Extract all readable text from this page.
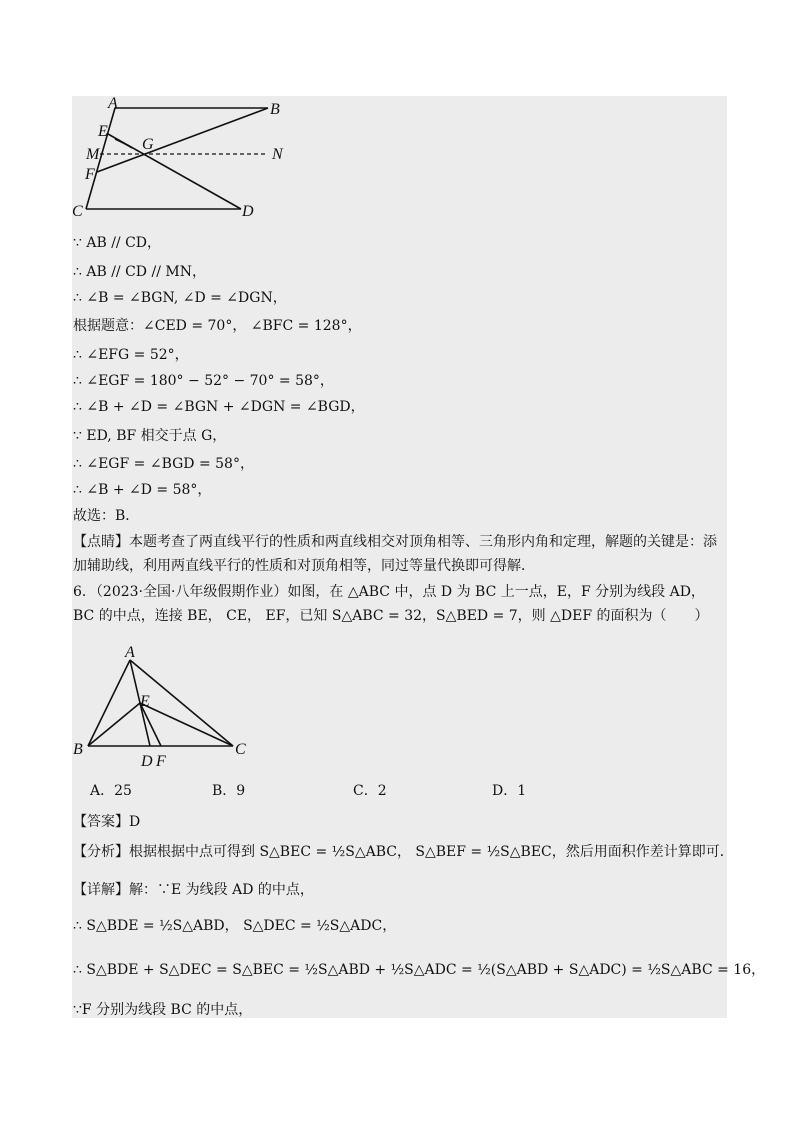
A	B
E
G
M	N
F
C	D
∵ AB // CD，
∴ AB // CD // MN，
∴ ∠B = ∠BGN, ∠D = ∠DGN，
根据题意：∠CED = 70°， ∠BFC = 128°，
∴ ∠EFG = 52°，
∴ ∠EGF = 180° − 52° − 70° = 58°，
∴ ∠B + ∠D = ∠BGN + ∠DGN = ∠BGD，
∵ ED, BF 相交于点 G，
∴ ∠EGF = ∠BGD = 58°，
∴ ∠B + ∠D = 58°，
故选：B．
【点睛】本题考查了两直线平行的性质和两直线相交对顶角相等、三角形内角和定理，解题的关键是：添加辅助线，利用两直线平行的性质和对顶角相等，同过等量代换即可得解．
6．（2023·全国·八年级假期作业）如图，在 △ABC 中，点 D 为 BC 上一点，E，F 分别为线段 AD， BC 的中点，连接 BE， CE， EF，已知 S△ABC = 32，S△BED = 7，则 △DEF 的面积为（　　）
A
E
B	C
D F
A．25	B．9	C．2	D．1
【答案】D
【分析】根据根据中点可得到 S△BEC = ½S△ABC， S△BEF = ½S△BEC，然后用面积作差计算即可．
【详解】解：∵E 为线段 AD 的中点，
∴ S△BDE = ½S△ABD， S△DEC = ½S△ADC，
∴ S△BDE + S△DEC = S△BEC = ½S△ABD + ½S△ADC = ½(S△ABD + S△ADC) = ½S△ABC = 16，
∵F 分别为线段 BC 的中点，
